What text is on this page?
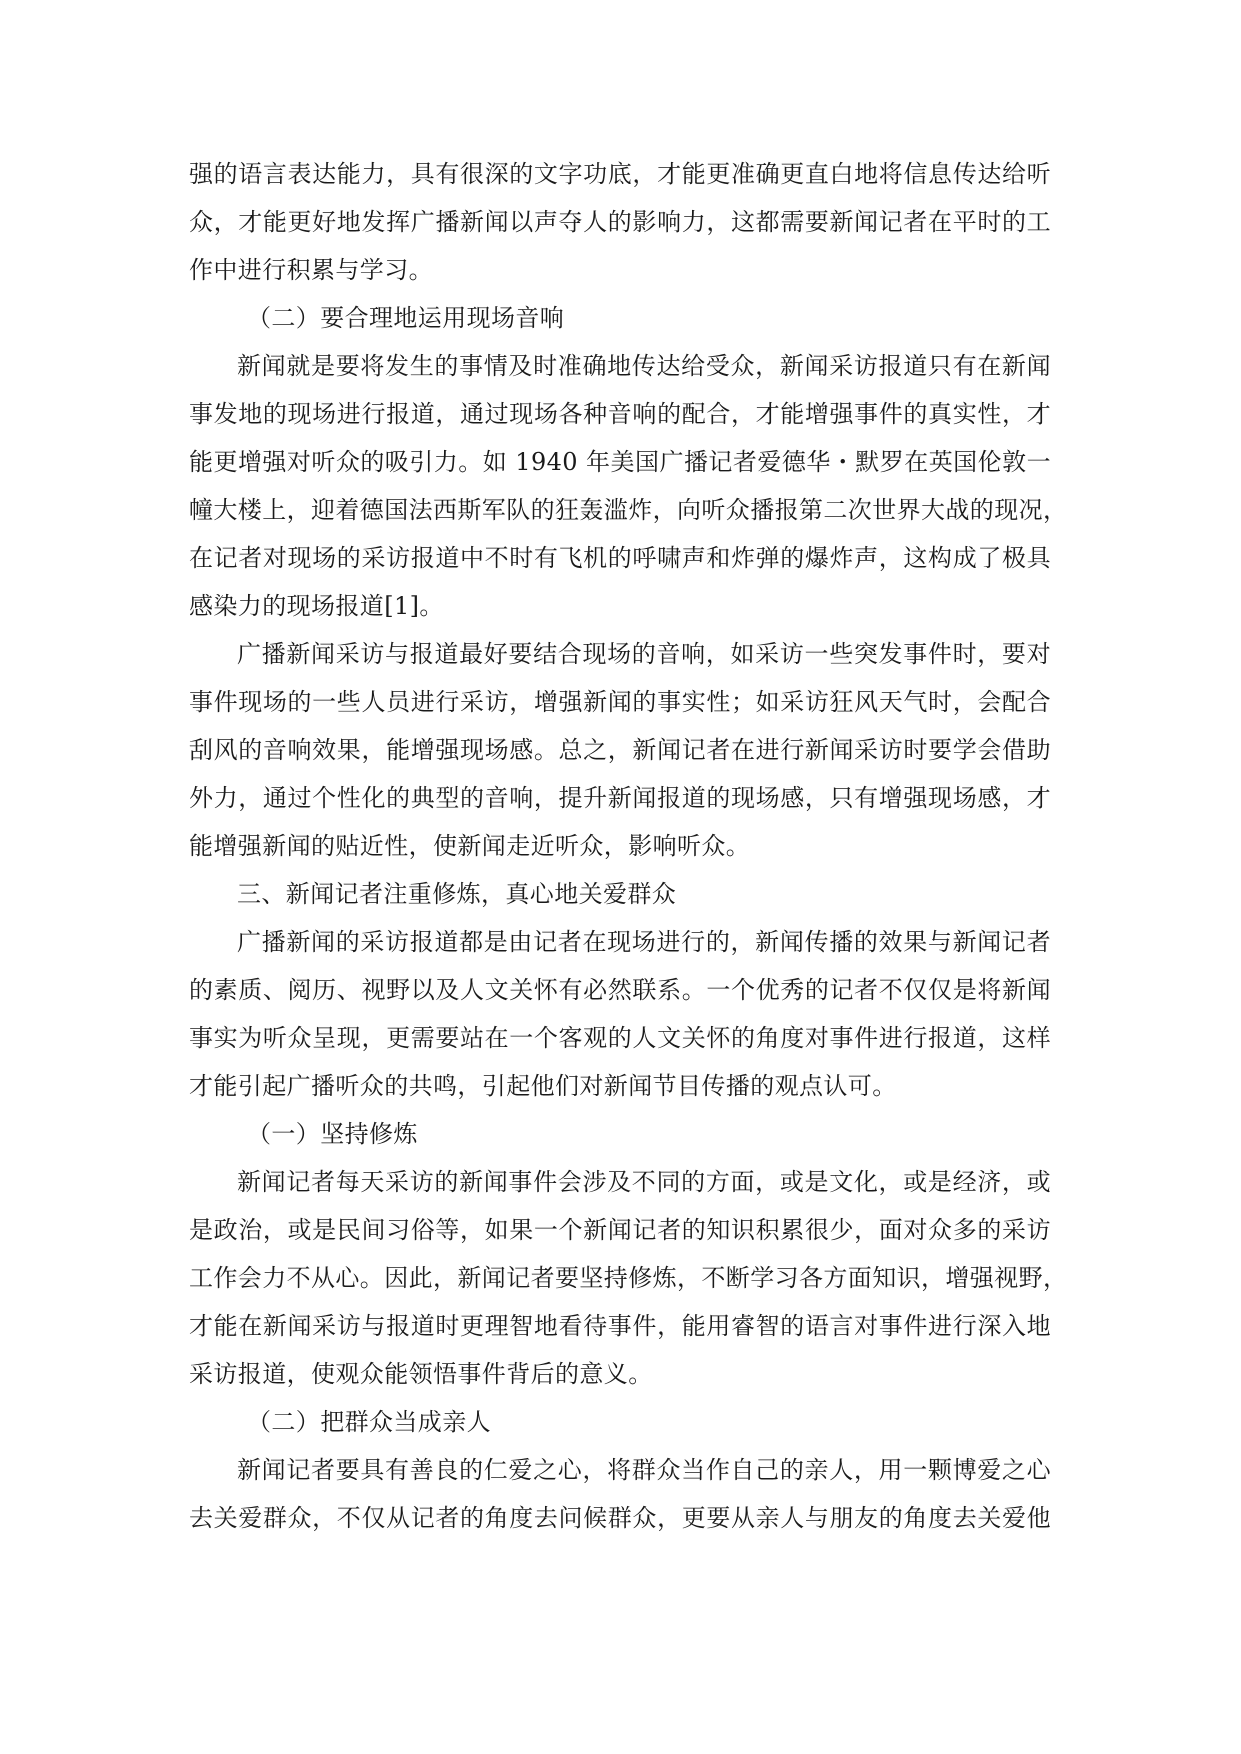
强的语言表达能力，具有很深的文字功底，才能更准确更直白地将信息传达给听
众，才能更好地发挥广播新闻以声夺人的影响力，这都需要新闻记者在平时的工
作中进行积累与学习。
（二）要合理地运用现场音响
新闻就是要将发生的事情及时准确地传达给受众，新闻采访报道只有在新闻
事发地的现场进行报道，通过现场各种音响的配合，才能增强事件的真实性，才
能更增强对听众的吸引力。如 1940 年美国广播记者爱德华・默罗在英国伦敦一
幢大楼上，迎着德国法西斯军队的狂轰滥炸，向听众播报第二次世界大战的现况，
在记者对现场的采访报道中不时有飞机的呼啸声和炸弹的爆炸声，这构成了极具
感染力的现场报道[1]。
广播新闻采访与报道最好要结合现场的音响，如采访一些突发事件时，要对
事件现场的一些人员进行采访，增强新闻的事实性；如采访狂风天气时，会配合
刮风的音响效果，能增强现场感。总之，新闻记者在进行新闻采访时要学会借助
外力，通过个性化的典型的音响，提升新闻报道的现场感，只有增强现场感，才
能增强新闻的贴近性，使新闻走近听众，影响听众。
三、新闻记者注重修炼，真心地关爱群众
广播新闻的采访报道都是由记者在现场进行的，新闻传播的效果与新闻记者
的素质、阅历、视野以及人文关怀有必然联系。一个优秀的记者不仅仅是将新闻
事实为听众呈现，更需要站在一个客观的人文关怀的角度对事件进行报道，这样
才能引起广播听众的共鸣，引起他们对新闻节目传播的观点认可。
（一）坚持修炼
新闻记者每天采访的新闻事件会涉及不同的方面，或是文化，或是经济，或
是政治，或是民间习俗等，如果一个新闻记者的知识积累很少，面对众多的采访
工作会力不从心。因此，新闻记者要坚持修炼，不断学习各方面知识，增强视野，
才能在新闻采访与报道时更理智地看待事件，能用睿智的语言对事件进行深入地
采访报道，使观众能领悟事件背后的意义。
（二）把群众当成亲人
新闻记者要具有善良的仁爱之心，将群众当作自己的亲人，用一颗博爱之心
去关爱群众，不仅从记者的角度去问候群众，更要从亲人与朋友的角度去关爱他
